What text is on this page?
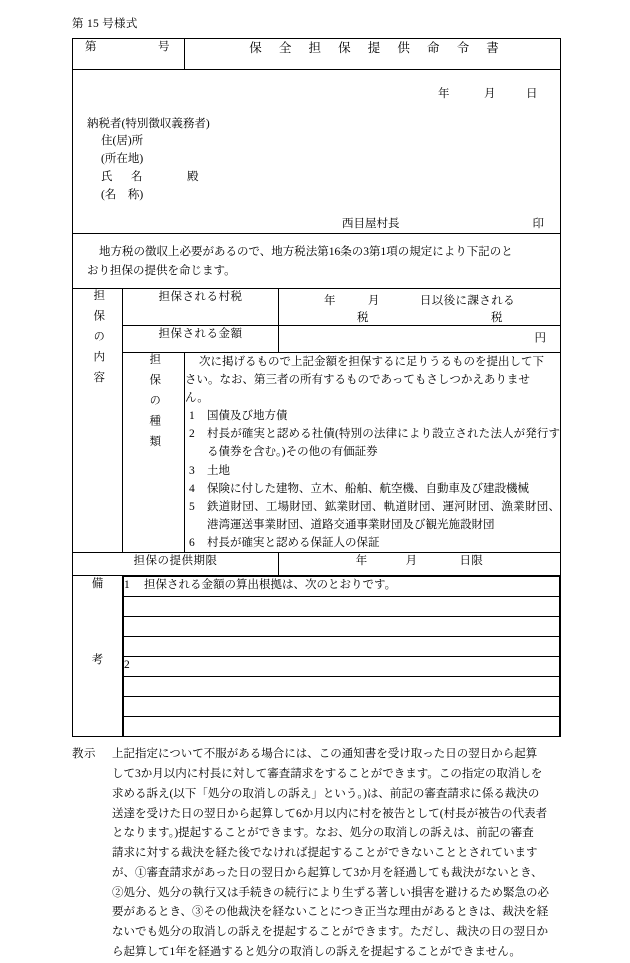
第 15 号様式
第	号	保 全 担 保 提 供 命 令 書

年	月	日
納税者(特別徴収義務者)
住(居)所
(所在地)
氏 名	殿
(名　称)
西目屋村長	印

地方税の徴収上必要があるので、地方税法第16条の3第1項の規定により下記のと
おり担保の提供を命じます。

担保の内容	担保される村税	年	月	日以後に課される
税	税

担保される金額	円

担保の種類	次に掲げるもので上記金額を担保するに足りうるものを提出して下
さい。なお、第三者の所有するものであってもさしつかえありませ
ん。
1 国債及び地方債
2 村長が確実と認める社債(特別の法律により設立された法人が発行する債券を含む。)その他の有価証券
3 土地
4 保険に付した建物、立木、船舶、航空機、自動車及び建設機械
5 鉄道財団、工場財団、鉱業財団、軌道財団、運河財団、漁業財団、港湾運送事業財団、道路交通事業財団及び観光施設財団
6 村長が確実と認める保証人の保証

担保の提供期限	年	月	日限

備
考

1 担保される金額の算出根拠は、次のとおりです。

2

教示 上記指定について不服がある場合には、この通知書を受け取った日の翌日から起算
して3か月以内に村長に対して審査請求をすることができます。この指定の取消しを
求める訴え(以下「処分の取消しの訴え」という。)は、前記の審査請求に係る裁決の
送達を受けた日の翌日から起算して6か月以内に村を被告として(村長が被告の代表者
となります。)提起することができます。なお、処分の取消しの訴えは、前記の審査
請求に対する裁決を経た後でなければ提起することができないこととされています
が、①審査請求があった日の翌日から起算して3か月を経過しても裁決がないとき、
②処分、処分の執行又は手続きの続行により生ずる著しい損害を避けるため緊急の必
要があるとき、③その他裁決を経ないことにつき正当な理由があるときは、裁決を経
ないでも処分の取消しの訴えを提起することができます。ただし、裁決の日の翌日か
ら起算して1年を経過すると処分の取消しの訴えを提起することができません。
